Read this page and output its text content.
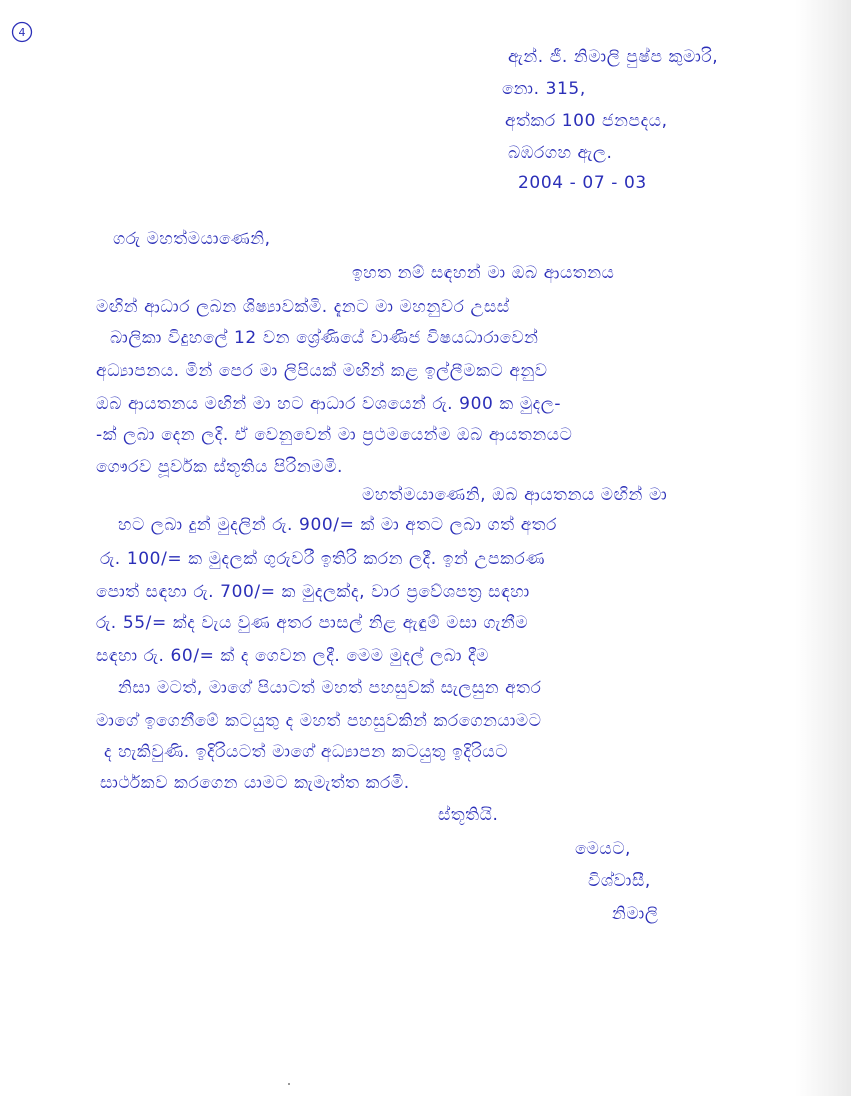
4

ඇන්. ජී. නිමාලි පුෂ්ප කුමාරි,

නො. 315,

අත්කර 100 ජනපදය,

බඹරගහ ඇල.

2004 - 07 - 03

ගරු මහත්මයාණෙනි,

ඉහත නම් සඳහන් මා ඔබ ආයතනය

මඟින් ආධාර ලබන ශිෂ්‍යාවක්මි. දැනට මා මහනුවර උසස්

බාලිකා විදුහලේ 12 වන ශ්‍රේණියේ වාණිජ විෂයධාරාවෙන්

අධ්‍යාපනය. මින් පෙර මා ලිපියක් මඟින් කළ ඉල්ලීමකට අනුව

ඔබ ආයතනය මඟින් මා හට ආධාර වශයෙන් රු. 900 ක මුදල-

-ක් ලබා දෙන ලදි. ඒ වෙනුවෙන් මා ප්‍රථමයෙන්ම ඔබ ආයතනයට

ගෞරව පූර්වක ස්තූතිය පිරිනමමි.

මහත්මයාණෙනි, ඔබ ආයතනය මඟින් මා

හට ලබා දුන් මුදලින් රු. 900/= ක් මා අතට ලබා ගත් අතර

රු. 100/= ක මුදලක් ගුරුවරී ඉතිරි කරන ලදී. ඉන් උපකරණ

පොත් සඳහා රු. 700/= ක මුදලක්ද, වාර ප්‍රවේශපත්‍ර සඳහා

රු. 55/= ක්ද වැය වුණ අතර පාසල් නිළ ඇඳුම් මසා ගැනීම

සඳහා රු. 60/= ක් ද ගෙවන ලදී. මෙම මුදල් ලබා දීම

නිසා මටත්, මාගේ පියාටත් මහත් පහසුවක් සැලසුන අතර

මාගේ ඉගෙනීමේ කටයුතු ද මහත් පහසුවකින් කරගෙනයාමට

ද හැකිවුණි. ඉදිරියටත් මාගේ අධ්‍යාපන කටයුතු ඉදිරියට

සාර්ථකව කරගෙන යාමට කැමැත්ත කරමි.

ස්තූතියි.

මෙයට,

විශ්වාසී,

නිමාලි
